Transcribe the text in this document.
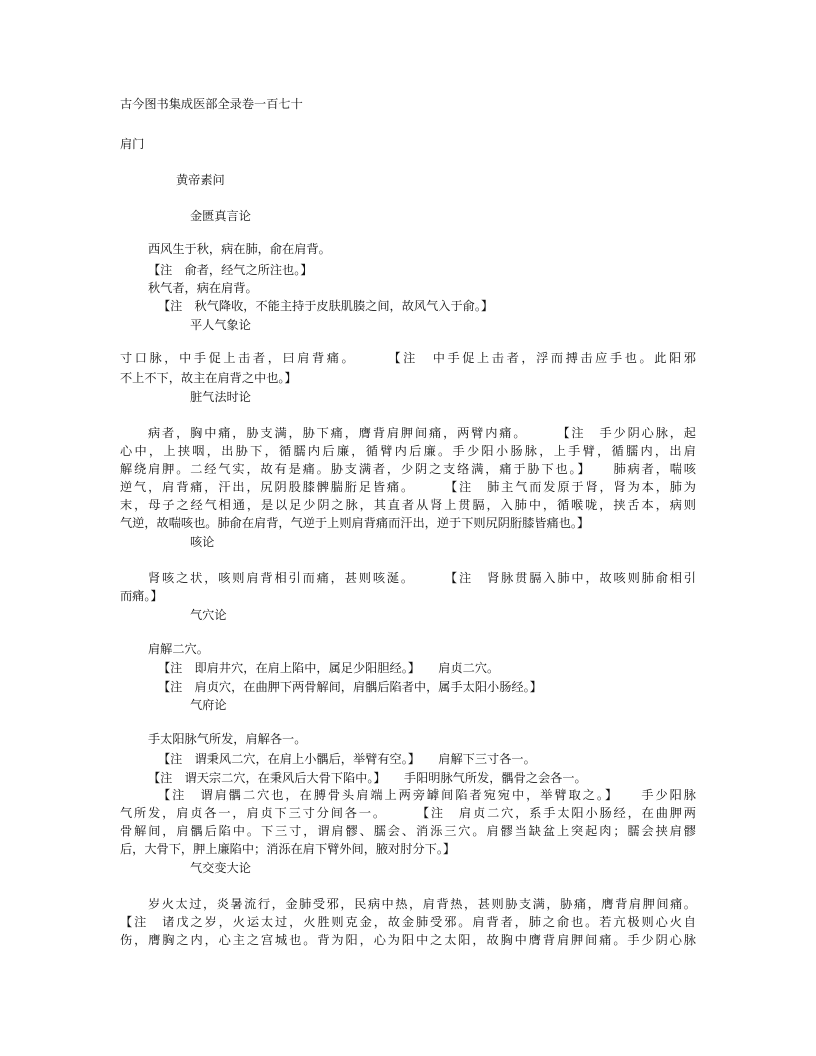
古今图书集成医部全录卷一百七十
肩门
黄帝素问
金匮真言论
西风生于秋，病在肺，俞在肩背。
【注　俞者，经气之所注也。】
秋气者，病在肩背。
【注　秋气降收，不能主持于皮肤肌腠之间，故风气入于俞。】
平人气象论
寸口脉，中手促上击者，曰肩背痛。　　　【注　中手促上击者，浮而搏击应手也。此阳邪
不上不下，故主在肩背之中也。】
脏气法时论
病者，胸中痛，胁支满，胁下痛，膺背肩胛间痛，两臂内痛。　　　【注　手少阴心脉，起
心中，上挟咽，出胁下，循臑内后廉，循臂内后廉。手少阳小肠脉，上手臂，循臑内，出肩
解绕肩胛。二经气实，故有是痛。胁支满者，少阴之支络满，痛于胁下也。】　　肺病者，喘咳
逆气，肩背痛，汗出，尻阴股膝髀腨胻足皆痛。　　　【注　肺主气而发原于肾，肾为本，肺为
末，母子之经气相通，是以足少阴之脉，其直者从肾上贯膈，入肺中，循喉咙，挟舌本，病则
气逆，故喘咳也。肺俞在肩背，气逆于上则肩背痛而汗出，逆于下则尻阴胻膝皆痛也。】
咳论
肾咳之状，咳则肩背相引而痛，甚则咳涎。　　　【注　肾脉贯膈入肺中，故咳则肺俞相引
而痛。】
气穴论
肩解二穴。
【注　即肩井穴，在肩上陷中，属足少阳胆经。】　　肩贞二穴。
【注　肩贞穴，在曲胛下两骨解间，肩髃后陷者中，属手太阳小肠经。】
气府论
手太阳脉气所发，肩解各一。
【注　谓秉风二穴，在肩上小髃后，举臂有空。】　　肩解下三寸各一。
【注　谓天宗二穴，在秉风后大骨下陷中。】　　手阳明脉气所发，髃骨之会各一。
【注　谓肩髃二穴也，在膊骨头肩端上两旁罅间陷者宛宛中，举臂取之。】　　手少阳脉
气所发，肩贞各一，肩贞下三寸分间各一。　　　【注　肩贞二穴，系手太阳小肠经，在曲胛两
骨解间，肩髃后陷中。下三寸，谓肩髎、臑会、消泺三穴。肩髎当缺盆上突起肉；臑会挟肩髎
后，大骨下，胛上廉陷中；消泺在肩下臂外间，腋对肘分下。】
气交变大论
岁火太过，炎暑流行，金肺受邪，民病中热，肩背热，甚则胁支满，胁痛，膺背肩胛间痛。
【注　诸戊之岁，火运太过，火胜则克金，故金肺受邪。肩背者，肺之俞也。若亢极则心火自
伤，膺胸之内，心主之宫城也。背为阳，心为阳中之太阳，故胸中膺背肩胛间痛。手少阴心脉
